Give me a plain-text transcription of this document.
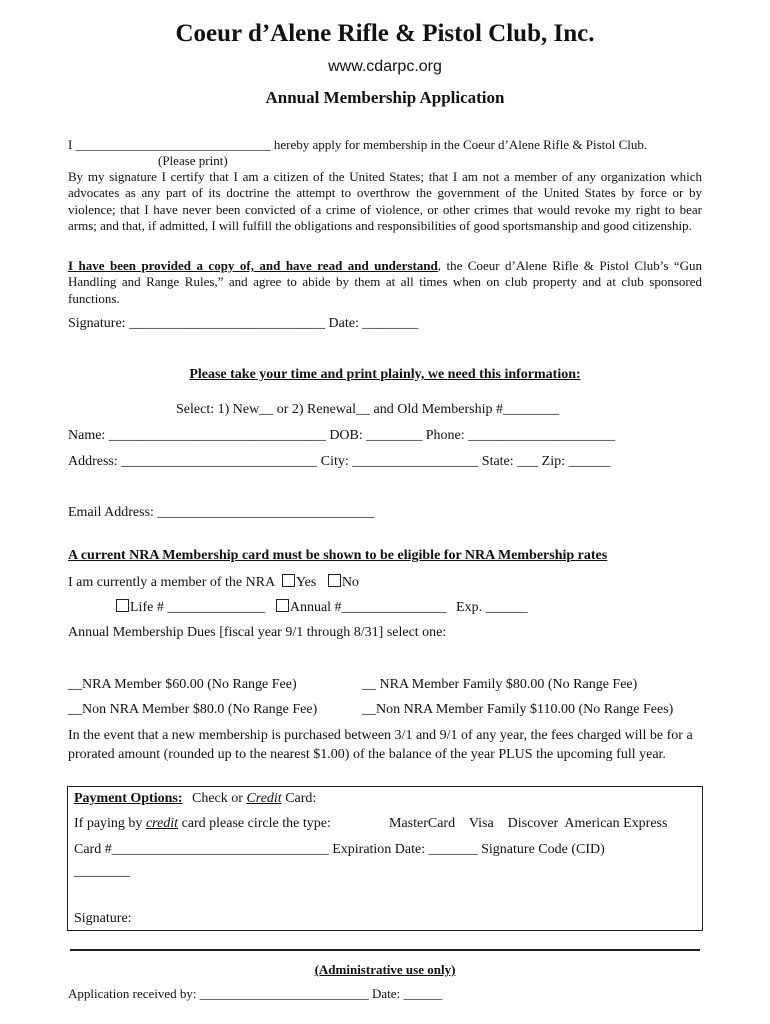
Coeur d’Alene Rifle & Pistol Club, Inc.
www.cdarpc.org
Annual Membership Application
I ______________________________ hereby apply for membership in the Coeur d’Alene Rifle & Pistol Club.
(Please print)
By my signature I certify that I am a citizen of the United States; that I am not a member of any organization which advocates as any part of its doctrine the attempt to overthrow the government of the United States by force or by violence; that I have never been convicted of a crime of violence, or other crimes that would revoke my right to bear arms; and that, if admitted, I will fulfill the obligations and responsibilities of good sportsmanship and good citizenship.
I have been provided a copy of, and have read and understand, the Coeur d’Alene Rifle & Pistol Club’s “Gun Handling and Range Rules,” and agree to abide by them at all times when on club property and at club sponsored functions.
Signature: ____________________________ Date: ________
Please take your time and print plainly, we need this information:
Select: 1) New__ or 2) Renewal__ and Old Membership #________
Name: _______________________________ DOB: ________ Phone: _____________________
Address: ____________________________ City: __________________ State: ___ Zip: ______
Email Address: _______________________________
A current NRA Membership card must be shown to be eligible for NRA Membership rates
I am currently a member of the NRA Yes No
Life # ______________ Annual #_______________ Exp. ______
Annual Membership Dues [fiscal year 9/1 through 8/31] select one:
__NRA Member $60.00 (No Range Fee)	__ NRA Member Family $80.00 (No Range Fee)
__Non NRA Member $80.0 (No Range Fee)	__Non NRA Member Family $110.00 (No Range Fees)
In the event that a new membership is purchased between 3/1 and 9/1 of any year, the fees charged will be for a prorated amount (rounded up to the nearest $1.00) of the balance of the year PLUS the upcoming full year.
Payment Options: Check or Credit Card:
If paying by credit card please circle the type:	MasterCard    Visa    Discover  American Express
Card #_______________________________ Expiration Date: _______ Signature Code (CID)
________
Signature:
(Administrative use only)
Application received by: __________________________ Date: ______
